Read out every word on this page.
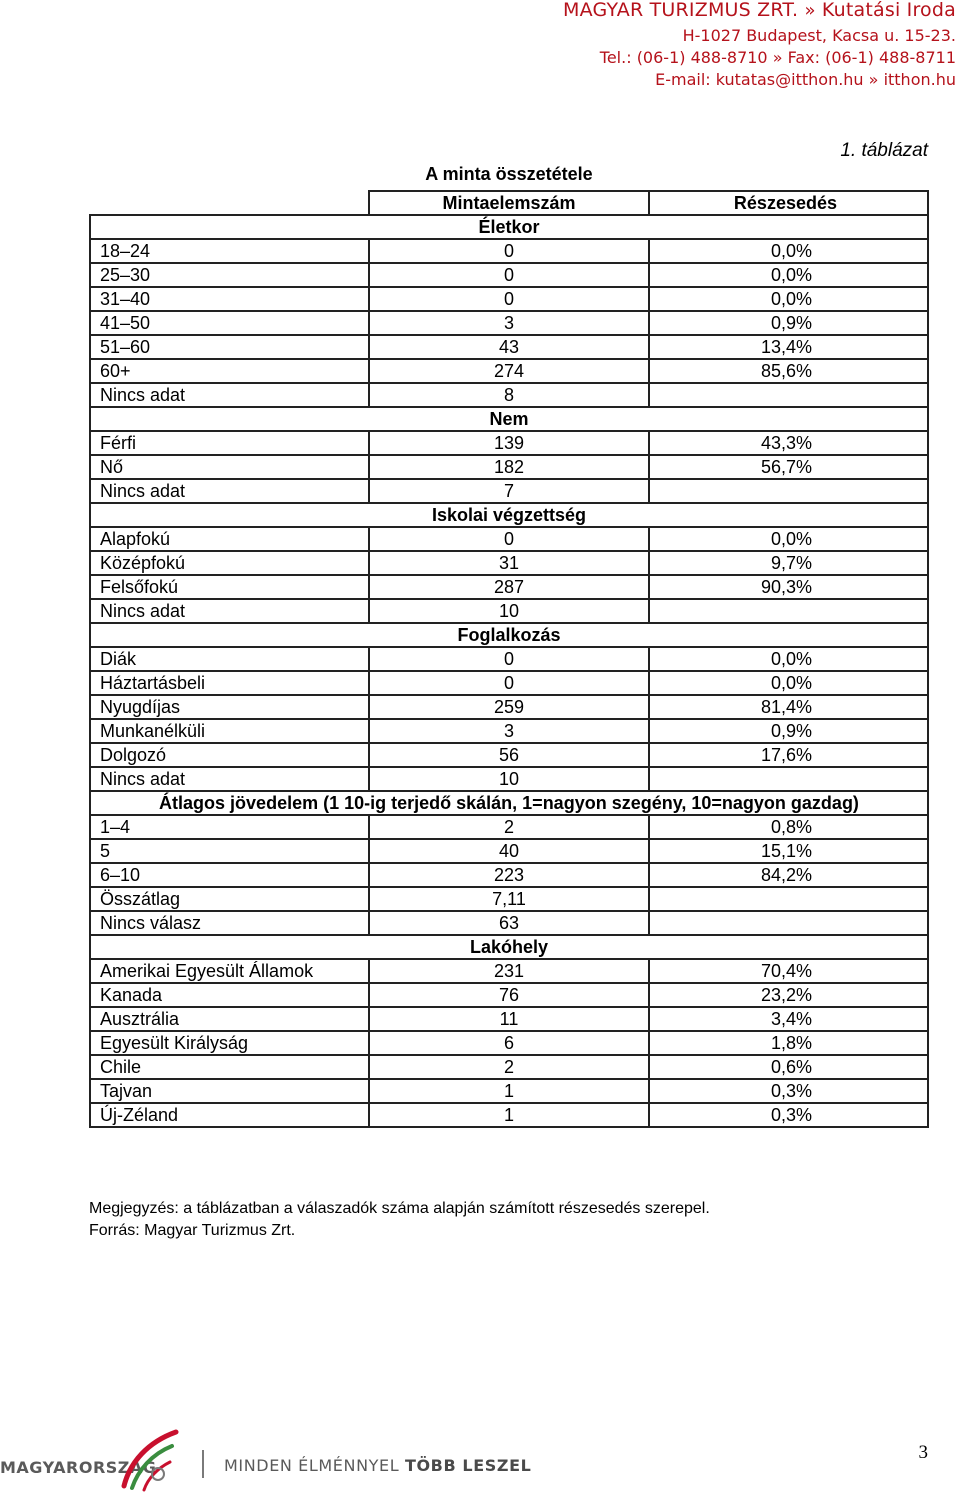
MAGYAR TURIZMUS ZRT. » Kutatási Iroda
H-1027 Budapest, Kacsa u. 15-23.
Tel.: (06-1) 488-8710 » Fax: (06-1) 488-8711
E-mail: kutatas@itthon.hu » itthon.hu
1. táblázat
A minta összetétele
	Mintaelemszám	Részesedés
Életkor		
18–24	0	0,0%
25–30	0	0,0%
31–40	0	0,0%
41–50	3	0,9%
51–60	43	13,4%
60+	274	85,6%
Nincs adat	8	
Nem		
Férfi	139	43,3%
Nő	182	56,7%
Nincs adat	7	
Iskolai végzettség		
Alapfokú	0	0,0%
Középfokú	31	9,7%
Felsőfokú	287	90,3%
Nincs adat	10	
Foglalkozás		
Diák	0	0,0%
Háztartásbeli	0	0,0%
Nyugdíjas	259	81,4%
Munkanélküli	3	0,9%
Dolgozó	56	17,6%
Nincs adat	10	
Átlagos jövedelem (1 10-ig terjedő skálán, 1=nagyon szegény, 10=nagyon gazdag)		
1–4	2	0,8%
5	40	15,1%
6–10	223	84,2%
Összátlag	7,11	
Nincs válasz	63	
Lakóhely		
Amerikai Egyesült Államok	231	70,4%
Kanada	76	23,2%
Ausztrália	11	3,4%
Egyesült Királyság	6	1,8%
Chile	2	0,6%
Tajvan	1	0,3%
Új-Zéland	1	0,3%
Megjegyzés: a táblázatban a válaszadók száma alapján számított részesedés szerepel.
Forrás: Magyar Turizmus Zrt.
MAGYARORSZÁG	MINDEN ÉLMÉNNYEL TÖBB LESZEL
3
